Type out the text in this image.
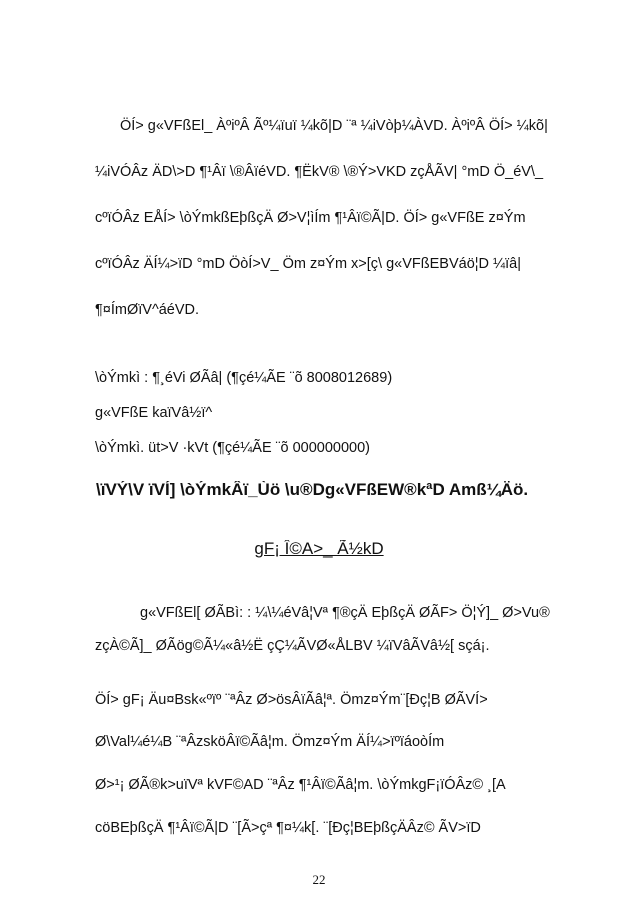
ÖÍ> g«VFßEl_ ÀºiºÂ Ãº¼ïuï ¼kõ|D ¨ª ¼iVòþ¼ÀVD. ÀºiºÂ ÖÍ> ¼kõ|
¼iVÓÂz ÄD\>D ¶¹Âï \®ÂïéVD. ¶ËkV® \®Ý>VKD zçÅÃV| °mD Ö_éV\_
cºïÓÂz EÅÍ> \òÝmkßEþßçÄ Ø>V¦ìÍm ¶¹Âï©Ã|D. ÖÍ> g«VFßE z¤Ým
cºïÓÂz ÄÍ¼>ïD °mD ÖòÍ>V_ Öm z¤Ým x>[ç\ g«VFßEBVáö¦D ¼ïâ|
¶¤ÍmØïV^áéVD.
\òÝmkì : ¶¸éVi ØÃâ| (¶çé¼ÃE ¨õ 8008012689)
g«VFßE kaïVâ½ï^
\òÝmkì. üt>V ·kVt (¶çé¼ÃE ¨õ 000000000)
\ïVÝ\V ïVÍ] \òÝmkÂï_Ùö \u®Dg«VFßEW®kªD Amß¼Äö.
gF¡ Î©A>_ Ã½kD
g«VFßEl[ ØÃBì: : ¼\¼éVâ¦Vª ¶®çÄ EþßçÄ ØÃF> Ö¦Ý]_ Ø>Vu®
zçÀ©Ã]_ ØÃög©Ã¼«â½Ë çÇ¼ÃVØ«ÅLBV ¼ïVâÃVâ½[ sçá¡.
ÖÍ> gF¡ Äu¤Bsk«ºïº ¨ªÂz Ø>ösÂïÃâ¦ª. Ömz¤Ým¨[Ðç¦B ØÃVÍ>
Ø\Val¼é¼B ¨ªÂzsköÂï©Ãâ¦m. Ömz¤Ým ÄÍ¼>ïºïáoòÍm
Ø>¹¡ ØÃ®k>uïVª kVF©AD ¨ªÂz ¶¹Âï©Ãâ¦m. \òÝmkgF¡ïÓÂz© ¸[A
cöBEþßçÄ ¶¹Âï©Ã|D ¨[Ã>çª ¶¤¼k[. ¨[Ðç¦BEþßçÄÂz© ÃV>ïD
22
